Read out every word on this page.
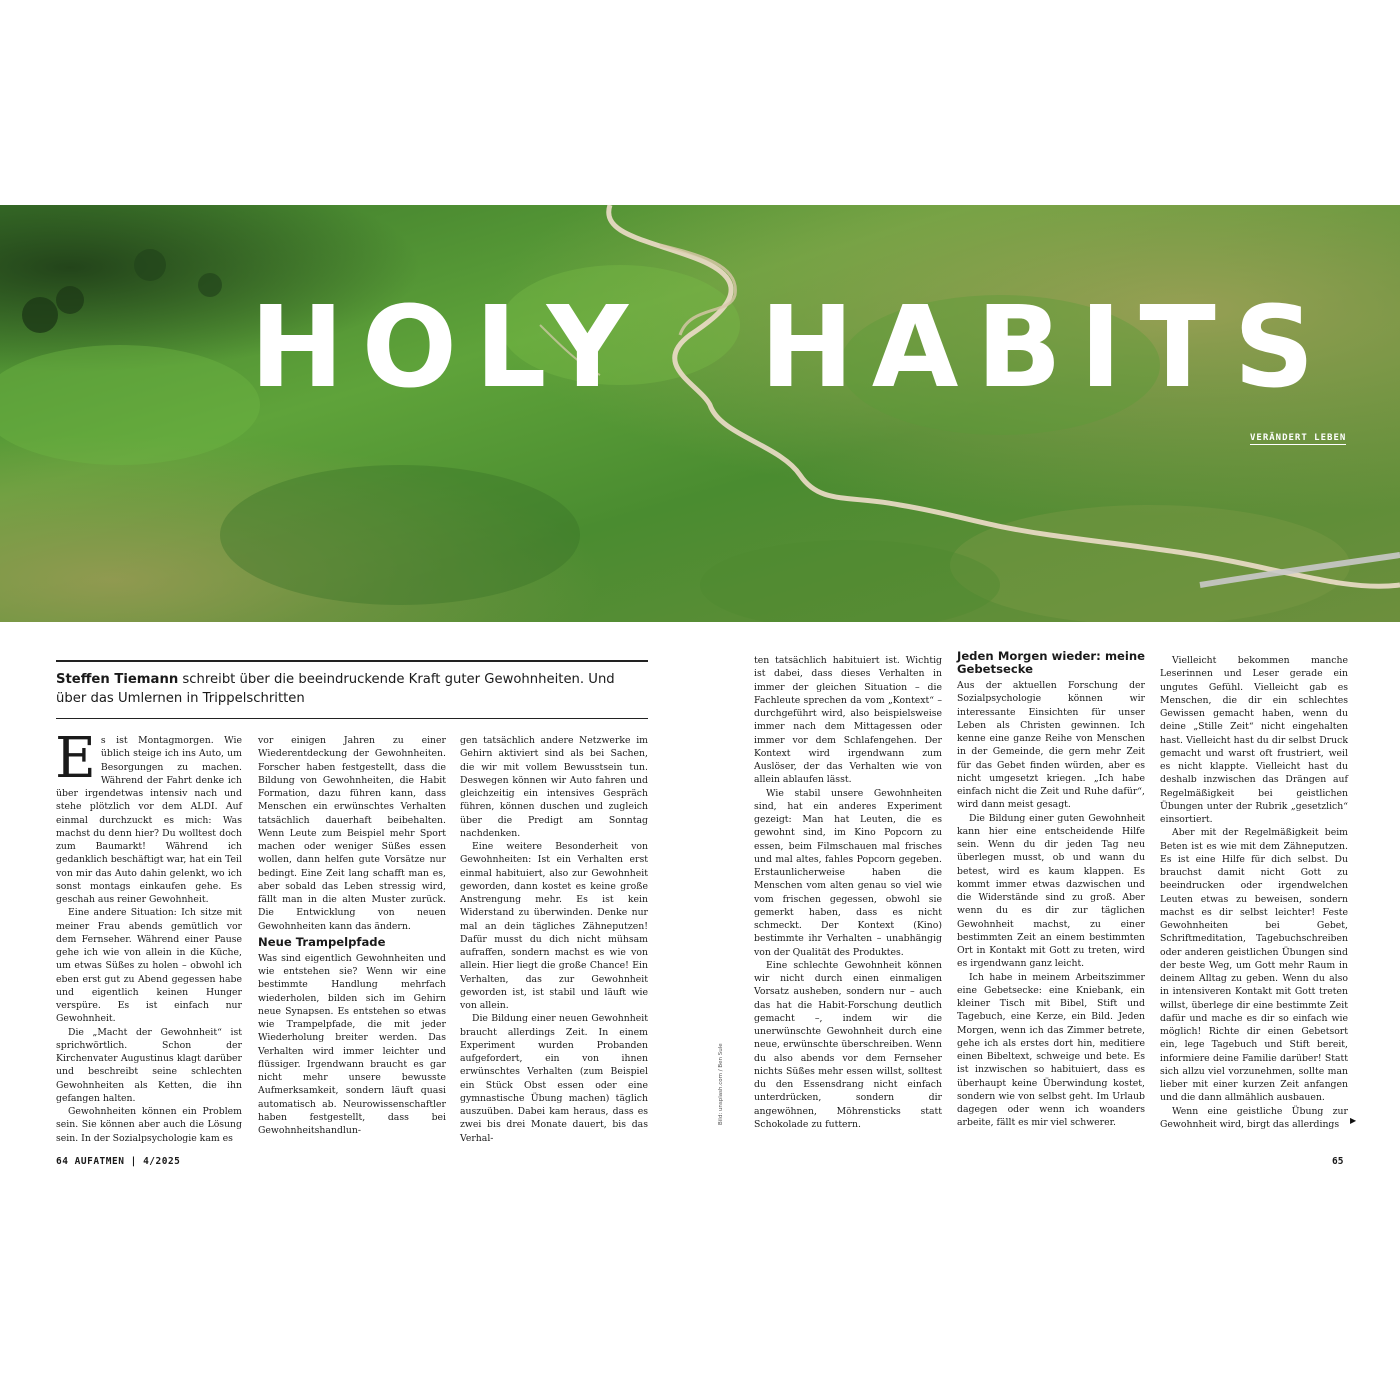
VERÄNDERT LEBEN
HOLY  HABITS
Steffen Tiemann schreibt über die beeindruckende Kraft guter Gewohnheiten. Und über das Umlernen in Trippelschritten

Es ist Montagmorgen. Wie üblich steige ich ins Auto, um Besorgungen zu machen. Während der Fahrt denke ich über irgendetwas intensiv nach und stehe plötzlich vor dem ALDI. Auf einmal durchzuckt es mich: Was machst du denn hier? Du wolltest doch zum Baumarkt! Während ich gedanklich beschäftigt war, hat ein Teil von mir das Auto dahin gelenkt, wo ich sonst montags einkaufen gehe. Es geschah aus reiner Gewohnheit.

Eine andere Situation: Ich sitze mit meiner Frau abends gemütlich vor dem Fernseher. Während einer Pause gehe ich wie von allein in die Küche, um etwas Süßes zu holen – obwohl ich eben erst gut zu Abend gegessen habe und eigentlich keinen Hunger verspüre. Es ist einfach nur Gewohnheit.

Die „Macht der Gewohnheit“ ist sprichwörtlich. Schon der Kirchenvater Augustinus klagt darüber und beschreibt seine schlechten Gewohnheiten als Ketten, die ihn gefangen halten.

Gewohnheiten können ein Problem sein. Sie können aber auch die Lösung sein. In der Sozialpsychologie kam es

vor einigen Jahren zu einer Wiederentdeckung der Gewohnheiten. Forscher haben festgestellt, dass die Bildung von Gewohnheiten, die Habit Formation, dazu führen kann, dass Menschen ein erwünschtes Verhalten tatsächlich dauerhaft beibehalten. Wenn Leute zum Beispiel mehr Sport machen oder weniger Süßes essen wollen, dann helfen gute Vorsätze nur bedingt. Eine Zeit lang schafft man es, aber sobald das Leben stressig wird, fällt man in die alten Muster zurück. Die Entwicklung von neuen Gewohnheiten kann das ändern.

Neue Trampelpfade

Was sind eigentlich Gewohnheiten und wie entstehen sie? Wenn wir eine bestimmte Handlung mehrfach wiederholen, bilden sich im Gehirn neue Synapsen. Es entstehen so etwas wie Trampelpfade, die mit jeder Wiederholung breiter werden. Das Verhalten wird immer leichter und flüssiger. Irgendwann braucht es gar nicht mehr unsere bewusste Aufmerksamkeit, sondern läuft quasi automatisch ab. Neurowissenschaftler haben festgestellt, dass bei Gewohnheitshandlun-

gen tatsächlich andere Netzwerke im Gehirn aktiviert sind als bei Sachen, die wir mit vollem Bewusstsein tun. Deswegen können wir Auto fahren und gleichzeitig ein intensives Gespräch führen, können duschen und zugleich über die Predigt am Sonntag nachdenken.

Eine weitere Besonderheit von Gewohnheiten: Ist ein Verhalten erst einmal habituiert, also zur Gewohnheit geworden, dann kostet es keine große Anstrengung mehr. Es ist kein Widerstand zu überwinden. Denke nur mal an dein tägliches Zähneputzen! Dafür musst du dich nicht mühsam aufraffen, sondern machst es wie von allein. Hier liegt die große Chance! Ein Verhalten, das zur Gewohnheit geworden ist, ist stabil und läuft wie von allein.

Die Bildung einer neuen Gewohnheit braucht allerdings Zeit. In einem Experiment wurden Probanden aufgefordert, ein von ihnen erwünschtes Verhalten (zum Beispiel ein Stück Obst essen oder eine gymnastische Übung machen) täglich auszuüben. Dabei kam heraus, dass es zwei bis drei Monate dauert, bis das Verhal-

Bild: unsplash.com / Ben Sule

ten tatsächlich habituiert ist. Wichtig ist dabei, dass dieses Verhalten in immer der gleichen Situation – die Fachleute sprechen da vom „Kontext“ – durchgeführt wird, also beispielsweise immer nach dem Mittagessen oder immer vor dem Schlafengehen. Der Kontext wird irgendwann zum Auslöser, der das Verhalten wie von allein ablaufen lässt.

Wie stabil unsere Gewohnheiten sind, hat ein anderes Experiment gezeigt: Man hat Leuten, die es gewohnt sind, im Kino Popcorn zu essen, beim Filmschauen mal frisches und mal altes, fahles Popcorn gegeben. Erstaunlicherweise haben die Menschen vom alten genau so viel wie vom frischen gegessen, obwohl sie gemerkt haben, dass es nicht schmeckt. Der Kontext (Kino) bestimmte ihr Verhalten – unabhängig von der Qualität des Produktes.

Eine schlechte Gewohnheit können wir nicht durch einen einmaligen Vorsatz ausheben, sondern nur – auch das hat die Habit-Forschung deutlich gemacht –, indem wir die unerwünschte Gewohnheit durch eine neue, erwünschte überschreiben. Wenn du also abends vor dem Fernseher nichts Süßes mehr essen willst, solltest du den Essensdrang nicht einfach unterdrücken, sondern dir angewöhnen, Möhrensticks statt Schokolade zu futtern.

Jeden Morgen wieder: meine Gebetsecke

Aus der aktuellen Forschung der Sozialpsychologie können wir interessante Einsichten für unser Leben als Christen gewinnen. Ich kenne eine ganze Reihe von Menschen in der Gemeinde, die gern mehr Zeit für das Gebet finden würden, aber es nicht umgesetzt kriegen. „Ich habe einfach nicht die Zeit und Ruhe dafür“, wird dann meist gesagt.

Die Bildung einer guten Gewohnheit kann hier eine entscheidende Hilfe sein. Wenn du dir jeden Tag neu überlegen musst, ob und wann du betest, wird es kaum klappen. Es kommt immer etwas dazwischen und die Widerstände sind zu groß. Aber wenn du es dir zur täglichen Gewohnheit machst, zu einer bestimmten Zeit an einem bestimmten Ort in Kontakt mit Gott zu treten, wird es irgendwann ganz leicht.

Ich habe in meinem Arbeitszimmer eine Gebetsecke: eine Kniebank, ein kleiner Tisch mit Bibel, Stift und Tagebuch, eine Kerze, ein Bild. Jeden Morgen, wenn ich das Zimmer betrete, gehe ich als erstes dort hin, meditiere einen Bibeltext, schweige und bete. Es ist inzwischen so habituiert, dass es überhaupt keine Überwindung kostet, sondern wie von selbst geht. Im Urlaub dagegen oder wenn ich woanders arbeite, fällt es mir viel schwerer.

Vielleicht bekommen manche Leserinnen und Leser gerade ein ungutes Gefühl. Vielleicht gab es Menschen, die dir ein schlechtes Gewissen gemacht haben, wenn du deine „Stille Zeit“ nicht eingehalten hast. Vielleicht hast du dir selbst Druck gemacht und warst oft frustriert, weil es nicht klappte. Vielleicht hast du deshalb inzwischen das Drängen auf Regelmäßigkeit bei geistlichen Übungen unter der Rubrik „gesetzlich“ einsortiert.

Aber mit der Regelmäßigkeit beim Beten ist es wie mit dem Zähneputzen. Es ist eine Hilfe für dich selbst. Du brauchst damit nicht Gott zu beeindrucken oder irgendwelchen Leuten etwas zu beweisen, sondern machst es dir selbst leichter! Feste Gewohnheiten bei Gebet, Schriftmeditation, Tagebuchschreiben oder anderen geistlichen Übungen sind der beste Weg, um Gott mehr Raum in deinem Alltag zu geben. Wenn du also in intensiveren Kontakt mit Gott treten willst, überlege dir eine bestimmte Zeit dafür und mache es dir so einfach wie möglich! Richte dir einen Gebetsort ein, lege Tagebuch und Stift bereit, informiere deine Familie darüber! Statt sich allzu viel vorzunehmen, sollte man lieber mit einer kurzen Zeit anfangen und die dann allmählich ausbauen.

Wenn eine geistliche Übung zur Gewohnheit wird, birgt das allerdings	▶
64 AUFATMEN | 4/2025	65
